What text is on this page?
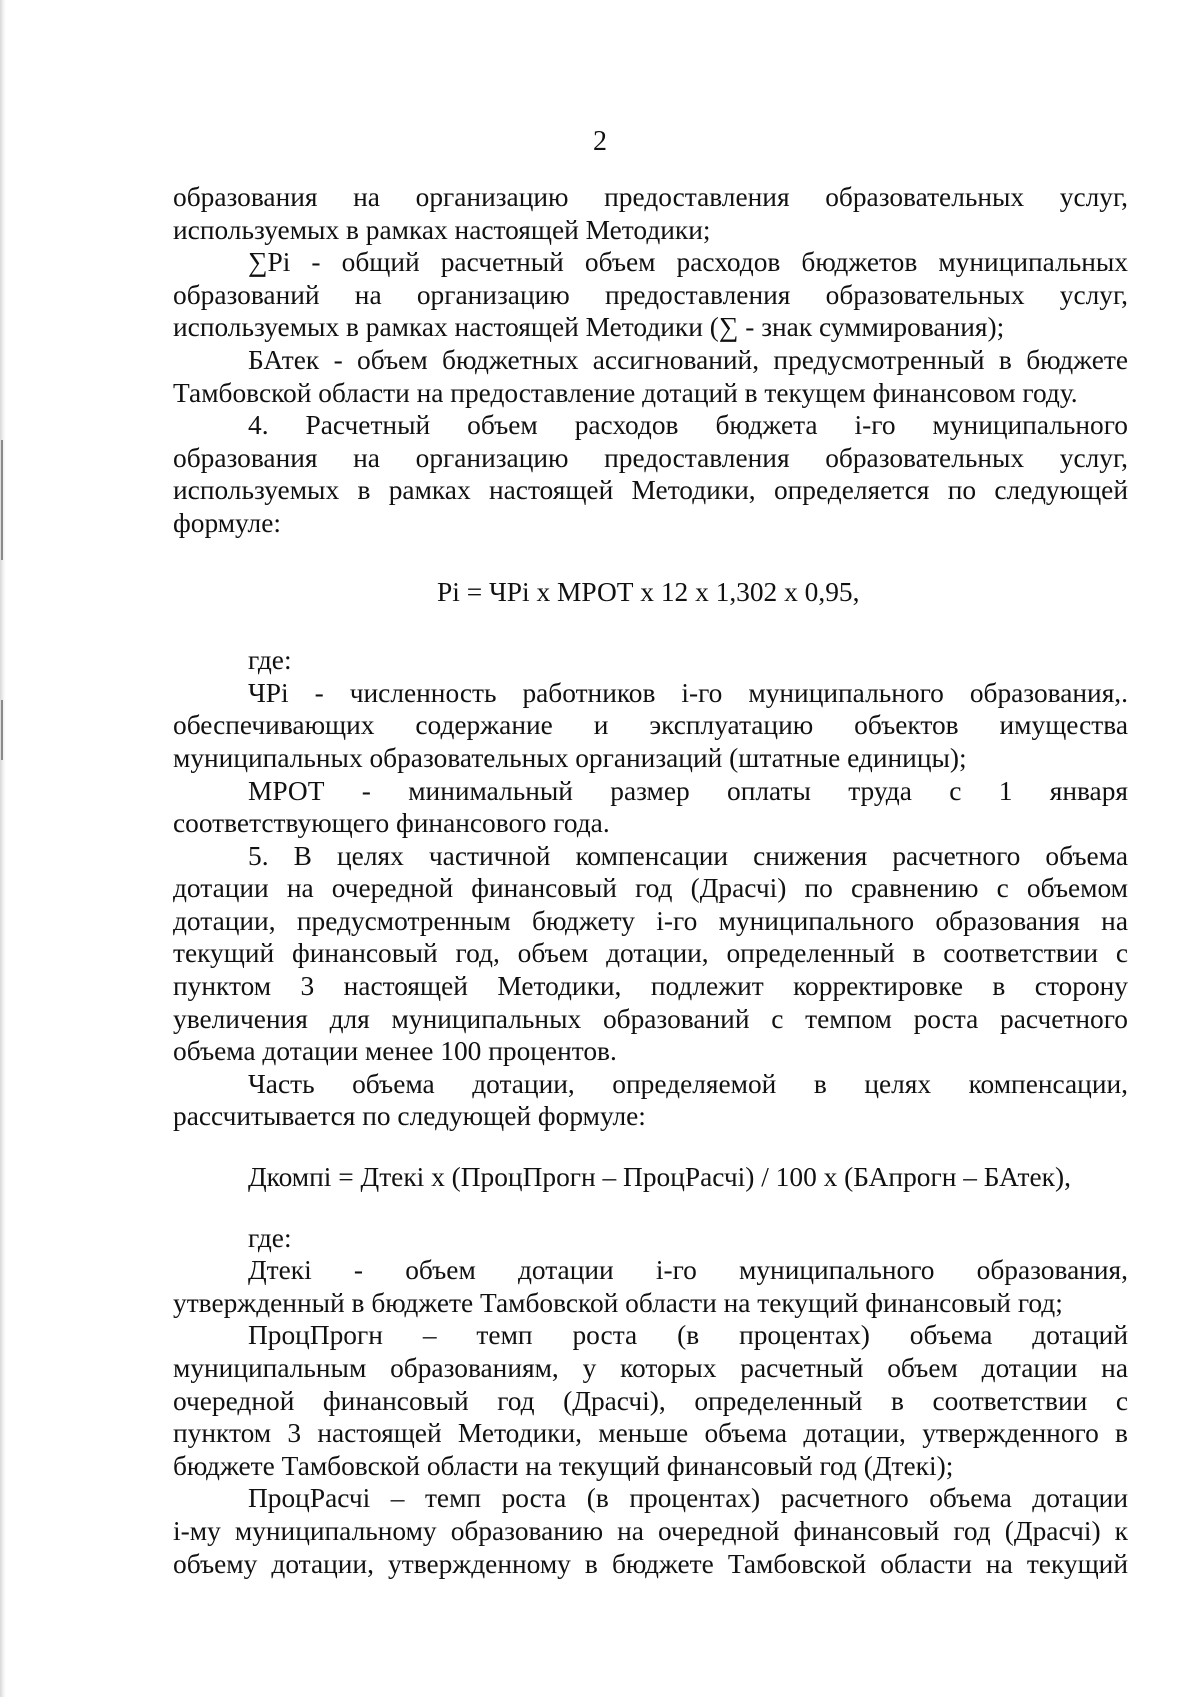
2
образования на организацию предоставления образовательных услуг,
используемых в рамках настоящей Методики;
∑Pi - общий расчетный объем расходов бюджетов муниципальных
образований на организацию предоставления образовательных услуг,
используемых в рамках настоящей Методики (∑ - знак суммирования);
БАтек - объем бюджетных ассигнований, предусмотренный в бюджете
Тамбовской области на предоставление дотаций в текущем финансовом году.
4. Расчетный объем расходов бюджета i-го муниципального
образования на организацию предоставления образовательных услуг,
используемых в рамках настоящей Методики, определяется по следующей
формуле:
Pi = ЧPi x МРОТ x 12 x 1,302 x 0,95,
где:
ЧPi - численность работников i-го муниципального образования,.
обеспечивающих содержание и эксплуатацию объектов имущества
муниципальных образовательных организаций (штатные единицы);
МРОТ - минимальный размер оплаты труда с 1 января
соответствующего финансового года.
5. В целях частичной компенсации снижения расчетного объема
дотации на очередной финансовый год (Драсчi) по сравнению с объемом
дотации, предусмотренным бюджету i-го муниципального образования на
текущий финансовый год, объем дотации, определенный в соответствии с
пунктом 3 настоящей Методики, подлежит корректировке в сторону
увеличения для муниципальных образований с темпом роста расчетного
объема дотации менее 100 процентов.
Часть объема дотации, определяемой в целях компенсации,
рассчитывается по следующей формуле:
Дкомпi = Дтекi x (ПроцПрогн – ПроцРасчi) / 100 x (БАпрогн – БАтек),
где:
Дтекi - объем дотации i-го муниципального образования,
утвержденный в бюджете Тамбовской области на текущий финансовый год;
ПроцПрогн – темп роста (в процентах) объема дотаций
муниципальным образованиям, у которых расчетный объем дотации на
очередной финансовый год (Драсчi), определенный в соответствии с
пунктом 3 настоящей Методики, меньше объема дотации, утвержденного в
бюджете Тамбовской области на текущий финансовый год (Дтекi);
ПроцРасчi – темп роста (в процентах) расчетного объема дотации
i-му муниципальному образованию на очередной финансовый год (Драсчi) к
объему дотации, утвержденному в бюджете Тамбовской области на текущий
